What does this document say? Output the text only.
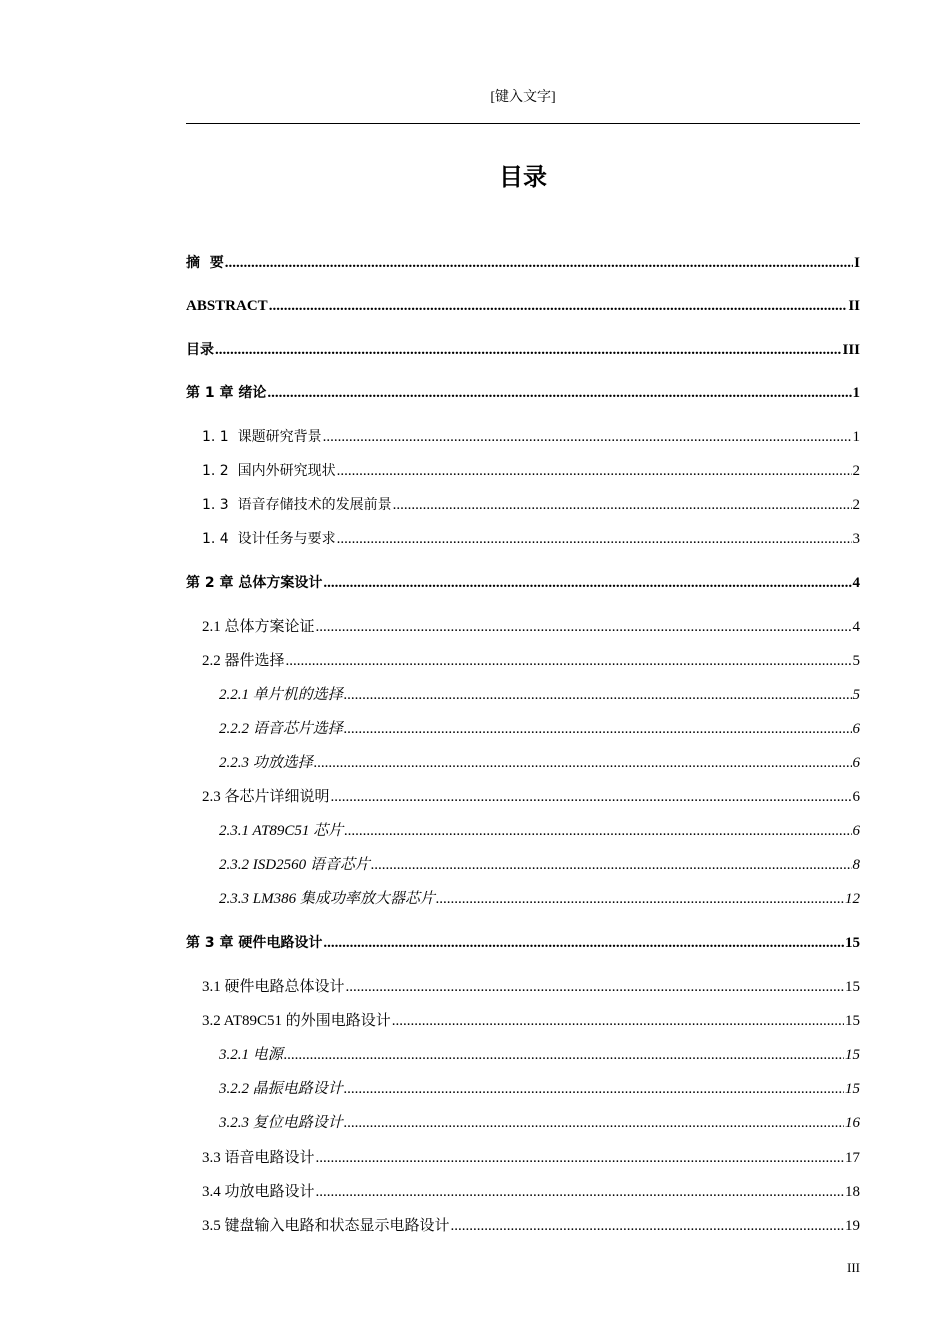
[键入文字]
目录
摘  要 .....	I
ABSTRACT .....	II
目录 .....	III
第 1 章 绪论 .....	1
1. 1  课题研究背景 .....	1
1. 2  国内外研究现状 .....	2
1. 3  语音存储技术的发展前景 .....	2
1. 4  设计任务与要求 .....	3
第 2 章 总体方案设计 .....	4
2.1 总体方案论证 .....	4
2.2 器件选择 .....	5
2.2.1 单片机的选择 .....	5
2.2.2 语音芯片选择 .....	6
2.2.3 功放选择 .....	6
2.3 各芯片详细说明 .....	6
2.3.1 AT89C51 芯片 .....	6
2.3.2 ISD2560 语音芯片 .....	8
2.3.3 LM386 集成功率放大器芯片 .....	12
第 3 章 硬件电路设计 .....	15
3.1 硬件电路总体设计 .....	15
3.2 AT89C51 的外围电路设计 .....	15
3.2.1 电源 .....	15
3.2.2 晶振电路设计 .....	15
3.2.3 复位电路设计 .....	16
3.3 语音电路设计 .....	17
3.4 功放电路设计 .....	18
3.5 键盘输入电路和状态显示电路设计 .....	19
III
